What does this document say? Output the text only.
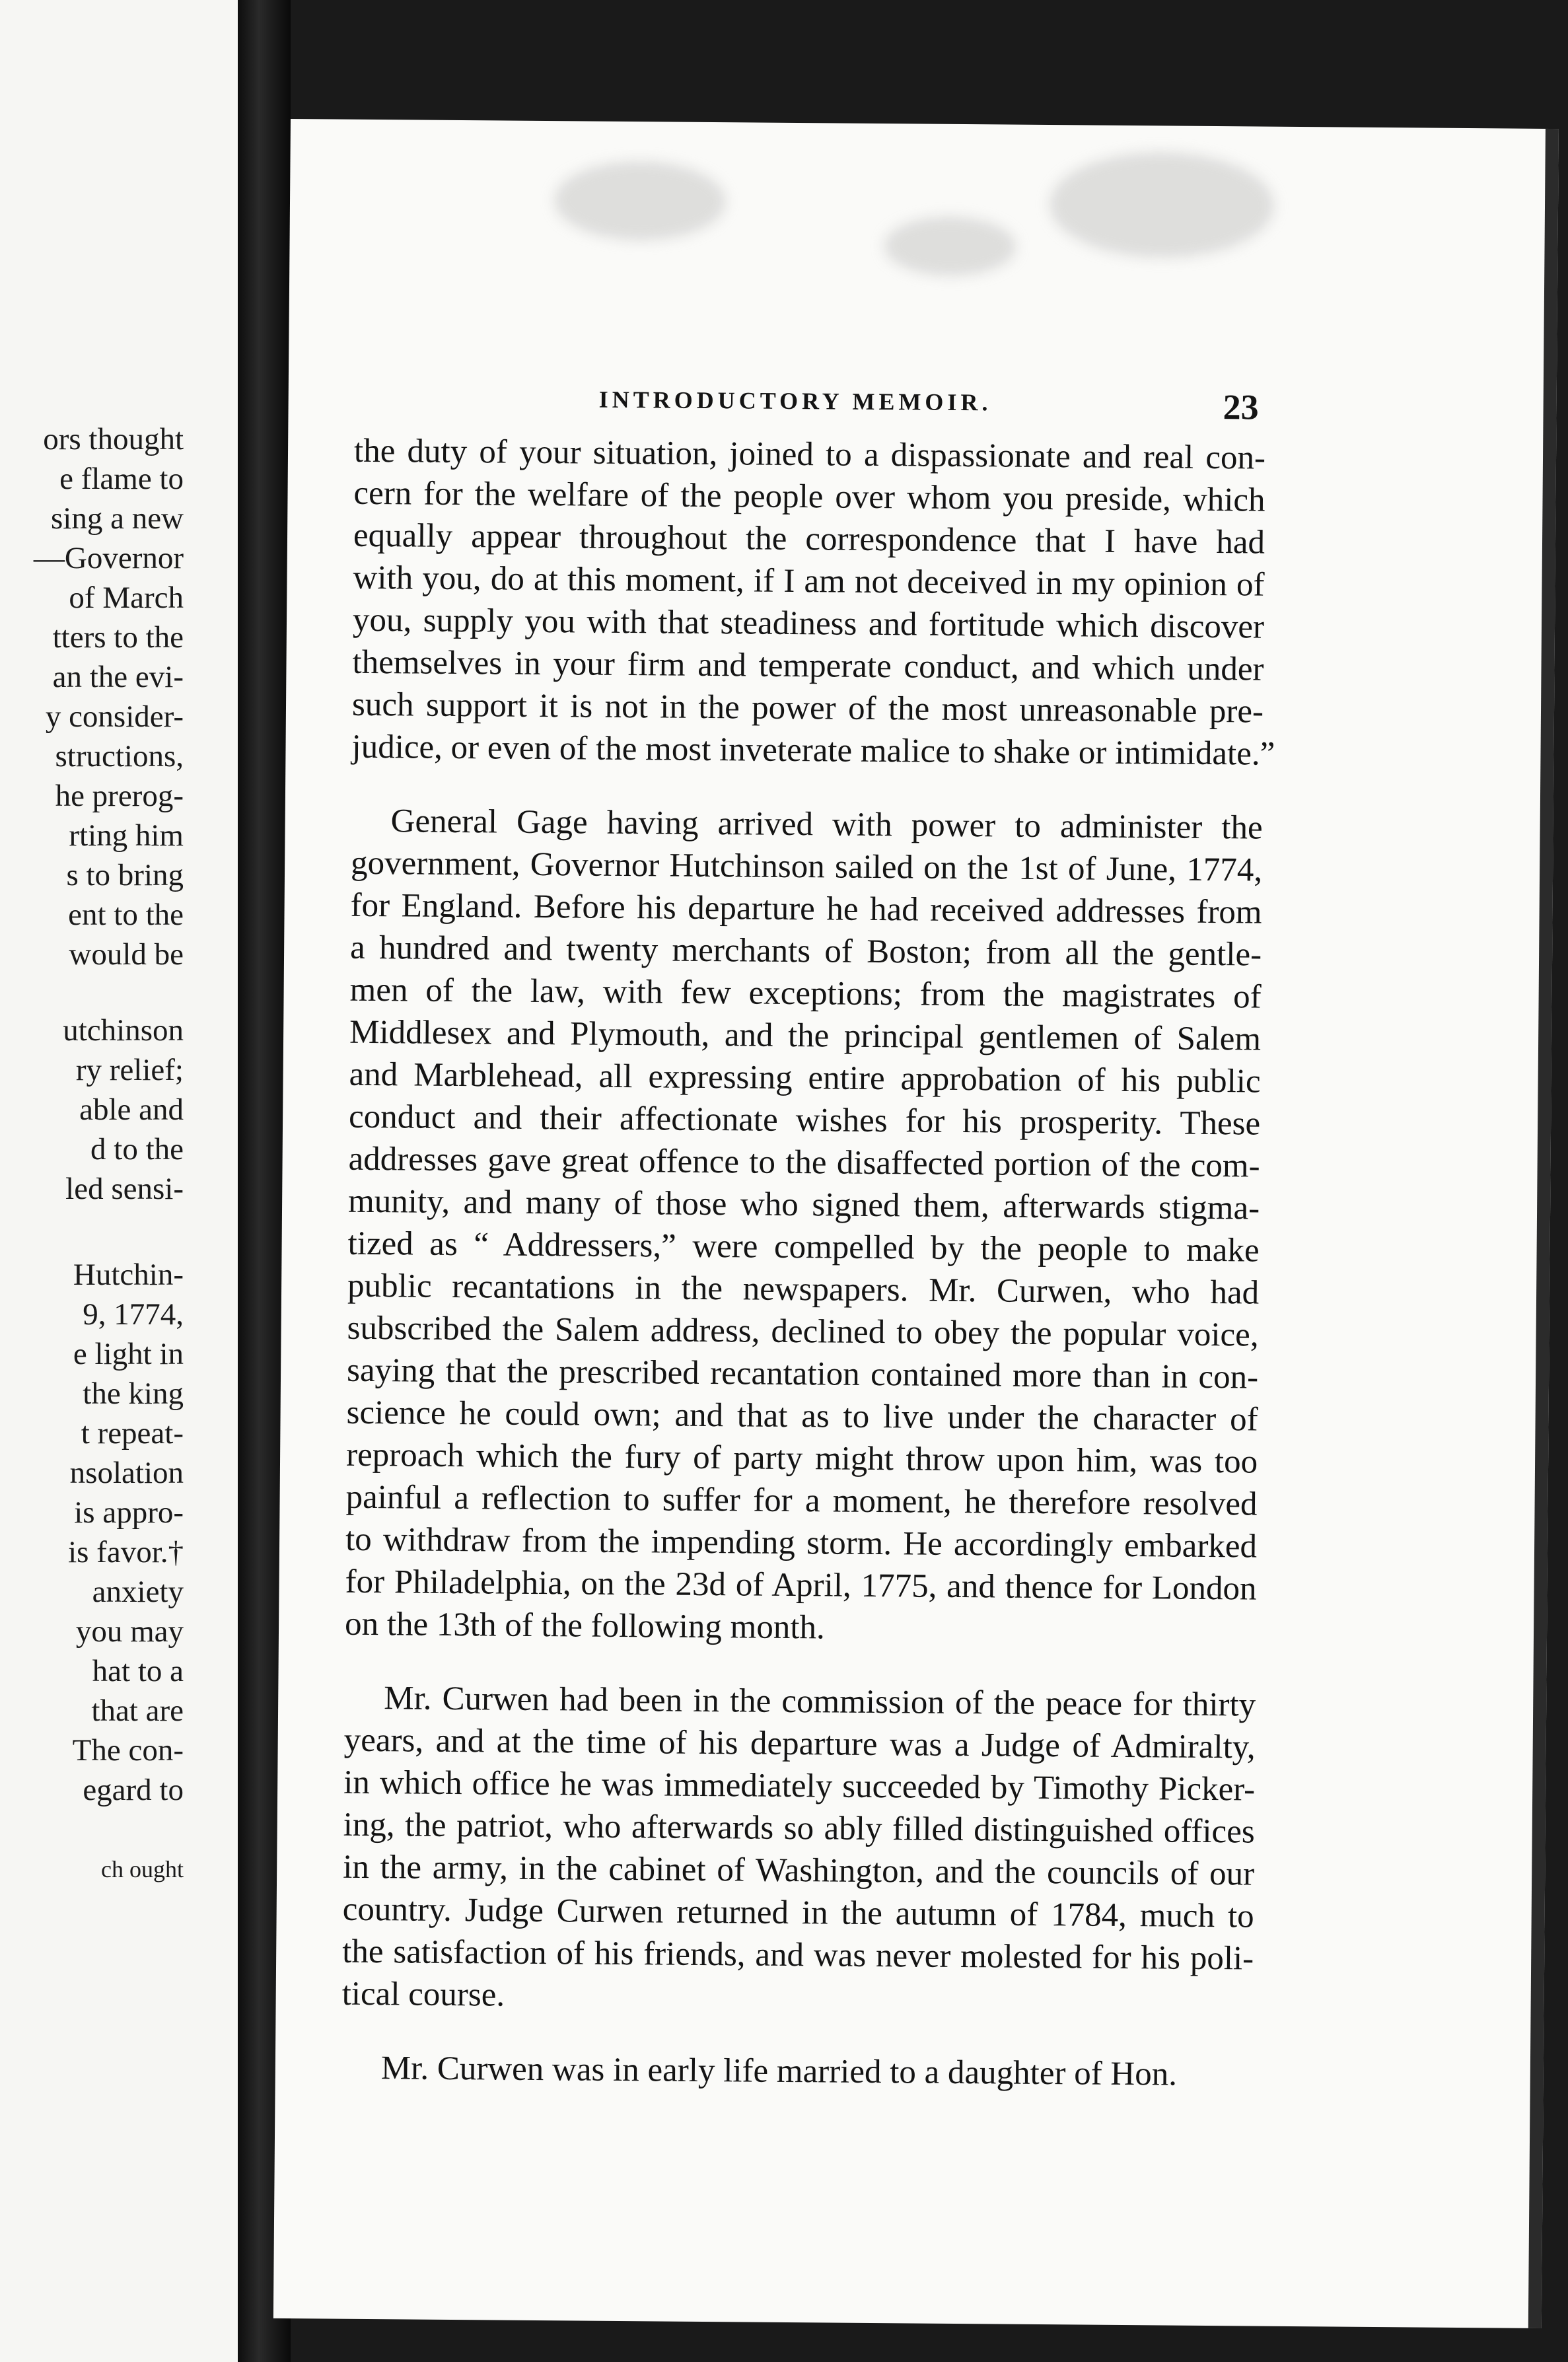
ors thought
e flame to
sing a new
—Governor
of March
tters to the
an the evi-
y consider-
structions,
he prerog-
rting him
s to bring
ent to the
would be
utchinson
ry relief;
able and
d to the
led sensi-
Hutchin-
9, 1774,
e light in
the king
t repeat-
nsolation
is appro-
is favor.†
anxiety
you may
hat to a
that are
The con-
egard to
ch ought
INTRODUCTORY MEMOIR.	23
the duty of your situation, joined to a dispassionate and real con-
cern for the welfare of the people over whom you preside, which
equally appear throughout the correspondence that I have had
with you, do at this moment, if I am not deceived in my opinion of
you, supply you with that steadiness and fortitude which discover
themselves in your firm and temperate conduct, and which under
such support it is not in the power of the most unreasonable pre-
judice, or even of the most inveterate malice to shake or intimidate.”
General Gage having arrived with power to administer the
government, Governor Hutchinson sailed on the 1st of June, 1774,
for England. Before his departure he had received addresses from
a hundred and twenty merchants of Boston; from all the gentle-
men of the law, with few exceptions; from the magistrates of
Middlesex and Plymouth, and the principal gentlemen of Salem
and Marblehead, all expressing entire approbation of his public
conduct and their affectionate wishes for his prosperity. These
addresses gave great offence to the disaffected portion of the com-
munity, and many of those who signed them, afterwards stigma-
tized as “ Addressers,” were compelled by the people to make
public recantations in the newspapers. Mr. Curwen, who had
subscribed the Salem address, declined to obey the popular voice,
saying that the prescribed recantation contained more than in con-
science he could own; and that as to live under the character of
reproach which the fury of party might throw upon him, was too
painful a reflection to suffer for a moment, he therefore resolved
to withdraw from the impending storm. He accordingly embarked
for Philadelphia, on the 23d of April, 1775, and thence for London
on the 13th of the following month.
Mr. Curwen had been in the commission of the peace for thirty
years, and at the time of his departure was a Judge of Admiralty,
in which office he was immediately succeeded by Timothy Picker-
ing, the patriot, who afterwards so ably filled distinguished offices
in the army, in the cabinet of Washington, and the councils of our
country. Judge Curwen returned in the autumn of 1784, much to
the satisfaction of his friends, and was never molested for his poli-
tical course.
Mr. Curwen was in early life married to a daughter of Hon.
